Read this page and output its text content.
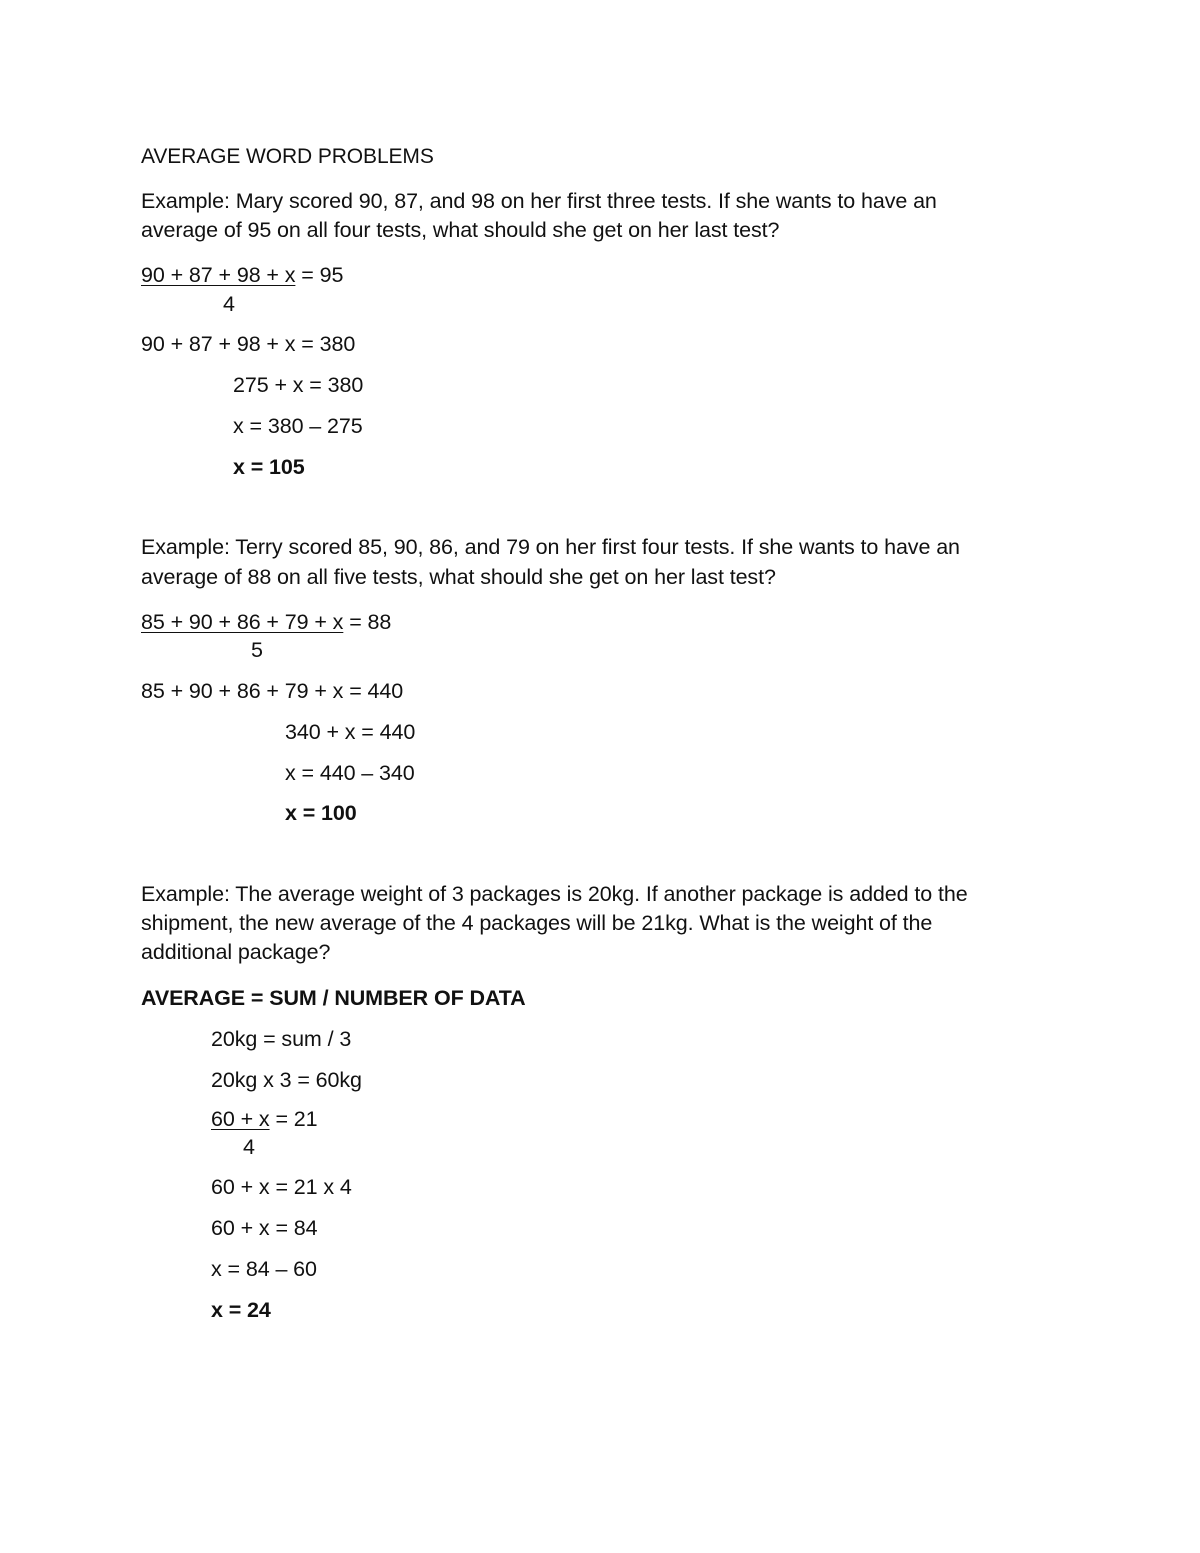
AVERAGE WORD PROBLEMS
Example: Mary scored 90, 87, and 98 on her first three tests. If she wants to have an
average of 95 on all four tests, what should she get on her last test?
90 + 87 + 98 + x = 95
4
90 + 87 + 98 + x = 380
275 + x = 380
x = 380 – 275
x = 105
Example: Terry scored 85, 90, 86, and 79 on her first four tests. If she wants to have an
average of 88 on all five tests, what should she get on her last test?
85 + 90 + 86 + 79 + x = 88
5
85 + 90 + 86 + 79 + x = 440
340 + x = 440
x = 440 – 340
x = 100
Example: The average weight of 3 packages is 20kg. If another package is added to the
shipment, the new average of the 4 packages will be 21kg. What is the weight of the
additional package?
AVERAGE = SUM / NUMBER OF DATA
20kg = sum / 3
20kg x 3 = 60kg
60 + x = 21
4
60 + x = 21 x 4
60 + x = 84
x = 84 – 60
x = 24
